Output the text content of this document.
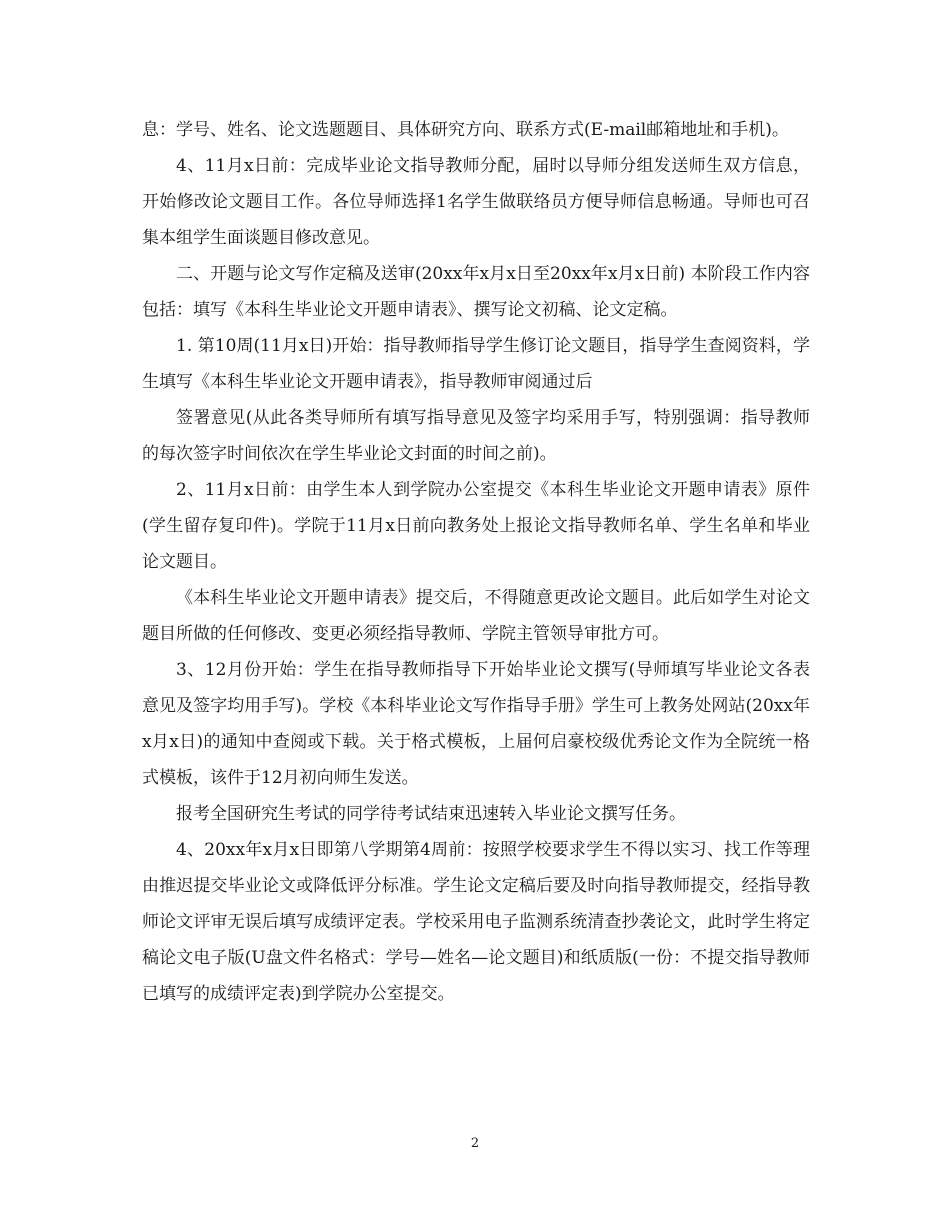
息：学号、姓名、论文选题题目、具体研究方向、联系方式(E-mail邮箱地址和手机)。

4、11月x日前：完成毕业论文指导教师分配，届时以导师分组发送师生双方信息，开始修改论文题目工作。各位导师选择1名学生做联络员方便导师信息畅通。导师也可召集本组学生面谈题目修改意见。

二、开题与论文写作定稿及送审(20xx年x月x日至20xx年x月x日前) 本阶段工作内容包括：填写《本科生毕业论文开题申请表》、撰写论文初稿、论文定稿。

1. 第10周(11月x日)开始：指导教师指导学生修订论文题目，指导学生查阅资料，学生填写《本科生毕业论文开题申请表》，指导教师审阅通过后

签署意见(从此各类导师所有填写指导意见及签字均采用手写，特别强调：指导教师的每次签字时间依次在学生毕业论文封面的时间之前)。

2、11月x日前：由学生本人到学院办公室提交《本科生毕业论文开题申请表》原件(学生留存复印件)。学院于11月x日前向教务处上报论文指导教师名单、学生名单和毕业论文题目。

《本科生毕业论文开题申请表》提交后，不得随意更改论文题目。此后如学生对论文题目所做的任何修改、变更必须经指导教师、学院主管领导审批方可。

3、12月份开始：学生在指导教师指导下开始毕业论文撰写(导师填写毕业论文各表意见及签字均用手写)。学校《本科毕业论文写作指导手册》学生可上教务处网站(20xx年x月x日)的通知中查阅或下载。关于格式模板，上届何启豪校级优秀论文作为全院统一格式模板，该件于12月初向师生发送。

报考全国研究生考试的同学待考试结束迅速转入毕业论文撰写任务。

4、20xx年x月x日即第八学期第4周前：按照学校要求学生不得以实习、找工作等理由推迟提交毕业论文或降低评分标准。学生论文定稿后要及时向指导教师提交，经指导教师论文评审无误后填写成绩评定表。学校采用电子监测系统清查抄袭论文，此时学生将定稿论文电子版(U盘文件名格式：学号—姓名—论文题目)和纸质版(一份：不提交指导教师已填写的成绩评定表)到学院办公室提交。

2
